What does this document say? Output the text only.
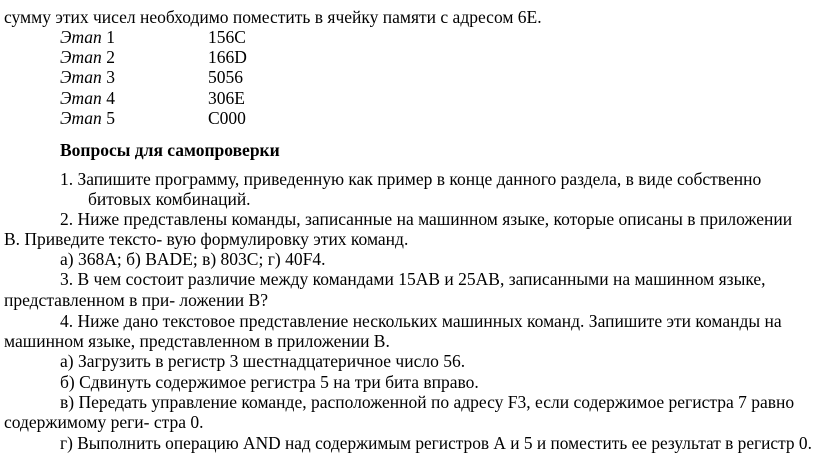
сумму этих чисел необходимо поместить в ячейку памяти с адресом 6E.
Этап 1	156C
Этап 2	166D
Этап 3	5056
Этап 4	306E
Этап 5	C000
Вопросы для самопроверки
1. Запишите программу, приведенную как пример в конце данного раздела, в виде собственно
битовых комбинаций.
2. Ниже представлены команды, записанные на машинном языке, которые описаны в приложении
В. Приведите тексто- вую формулировку этих команд.
а) 368А; б) BADE; в) 803С; г) 40F4.
3. В чем состоит различие между командами 15АВ и 25АВ, записанными на машинном языке,
представленном в при- ложении В?
4. Ниже дано текстовое представление нескольких машинных команд. Запишите эти команды на
машинном языке, представленном в приложении В.
а) Загрузить в регистр 3 шестнадцатеричное число 56.
б) Сдвинуть содержимое регистра 5 на три бита вправо.
в) Передать управление команде, расположенной по адресу F3, если содержимое регистра 7 равно
содержимому реги- стра 0.
г) Выполнить операцию AND над содержимым регистров А и 5 и поместить ее результат в регистр 0.
